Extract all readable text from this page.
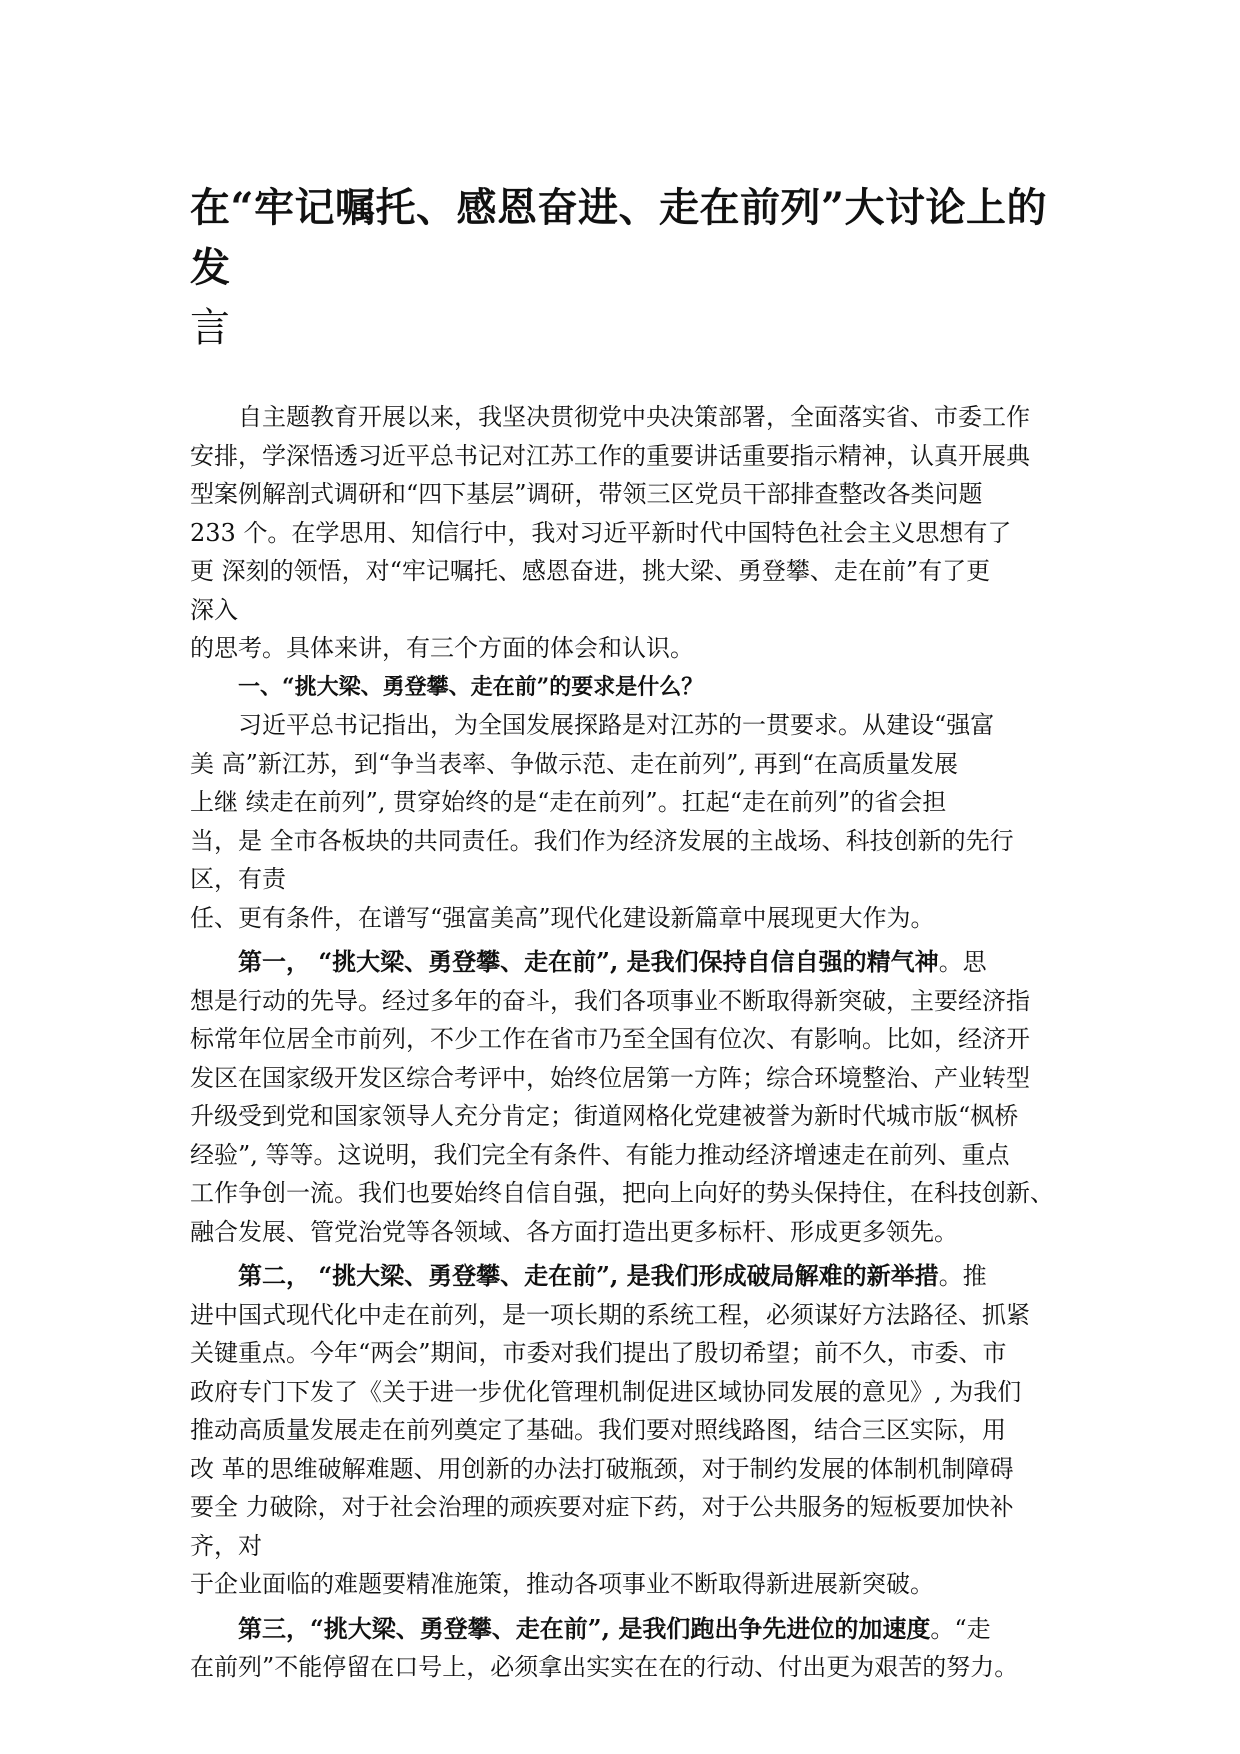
在“牢记嘱托、感恩奋进、走在前列”大讨论上的发
言
自主题教育开展以来，我坚决贯彻党中央决策部署，全面落实省、市委工作
安排，学深悟透习近平总书记对江苏工作的重要讲话重要指示精神，认真开展典
型案例解剖式调研和“四下基层”调研，带领三区党员干部排查整改各类问题
233 个。在学思用、知信行中，我对习近平新时代中国特色社会主义思想有了
更 深刻的领悟，对“牢记嘱托、感恩奋进，挑大梁、勇登攀、走在前”有了更
深入
的思考。具体来讲，有三个方面的体会和认识。
一、“挑大梁、勇登攀、走在前”的要求是什么？
习近平总书记指出，为全国发展探路是对江苏的一贯要求。从建设“强富
美 高”新江苏，到“争当表率、争做示范、走在前列”, 再到“在高质量发展
上继 续走在前列”, 贯穿始终的是“走在前列”。扛起“走在前列”的省会担
当，是 全市各板块的共同责任。我们作为经济发展的主战场、科技创新的先行
区，有责
任、更有条件，在谱写“强富美高”现代化建设新篇章中展现更大作为。
第一， “挑大梁、勇登攀、走在前”, 是我们保持自信自强的精气神。思
想是行动的先导。经过多年的奋斗，我们各项事业不断取得新突破，主要经济指
标常年位居全市前列，不少工作在省市乃至全国有位次、有影响。比如，经济开
发区在国家级开发区综合考评中，始终位居第一方阵；综合环境整治、产业转型
升级受到党和国家领导人充分肯定；街道网格化党建被誉为新时代城市版“枫桥
经验”, 等等。这说明，我们完全有条件、有能力推动经济增速走在前列、重点
工作争创一流。我们也要始终自信自强，把向上向好的势头保持住，在科技创新、
融合发展、管党治党等各领域、各方面打造出更多标杆、形成更多领先。
第二， “挑大梁、勇登攀、走在前”, 是我们形成破局解难的新举措。推
进中国式现代化中走在前列，是一项长期的系统工程，必须谋好方法路径、抓紧
关键重点。今年“两会”期间，市委对我们提出了殷切希望；前不久，市委、市
政府专门下发了《关于进一步优化管理机制促进区域协同发展的意见》, 为我们
推动高质量发展走在前列奠定了基础。我们要对照线路图，结合三区实际，用
改 革的思维破解难题、用创新的办法打破瓶颈，对于制约发展的体制机制障碍
要全 力破除，对于社会治理的顽疾要对症下药，对于公共服务的短板要加快补
齐，对
于企业面临的难题要精准施策，推动各项事业不断取得新进展新突破。
第三，“挑大梁、勇登攀、走在前”, 是我们跑出争先进位的加速度。“走
在前列”不能停留在口号上，必须拿出实实在在的行动、付出更为艰苦的努力。
